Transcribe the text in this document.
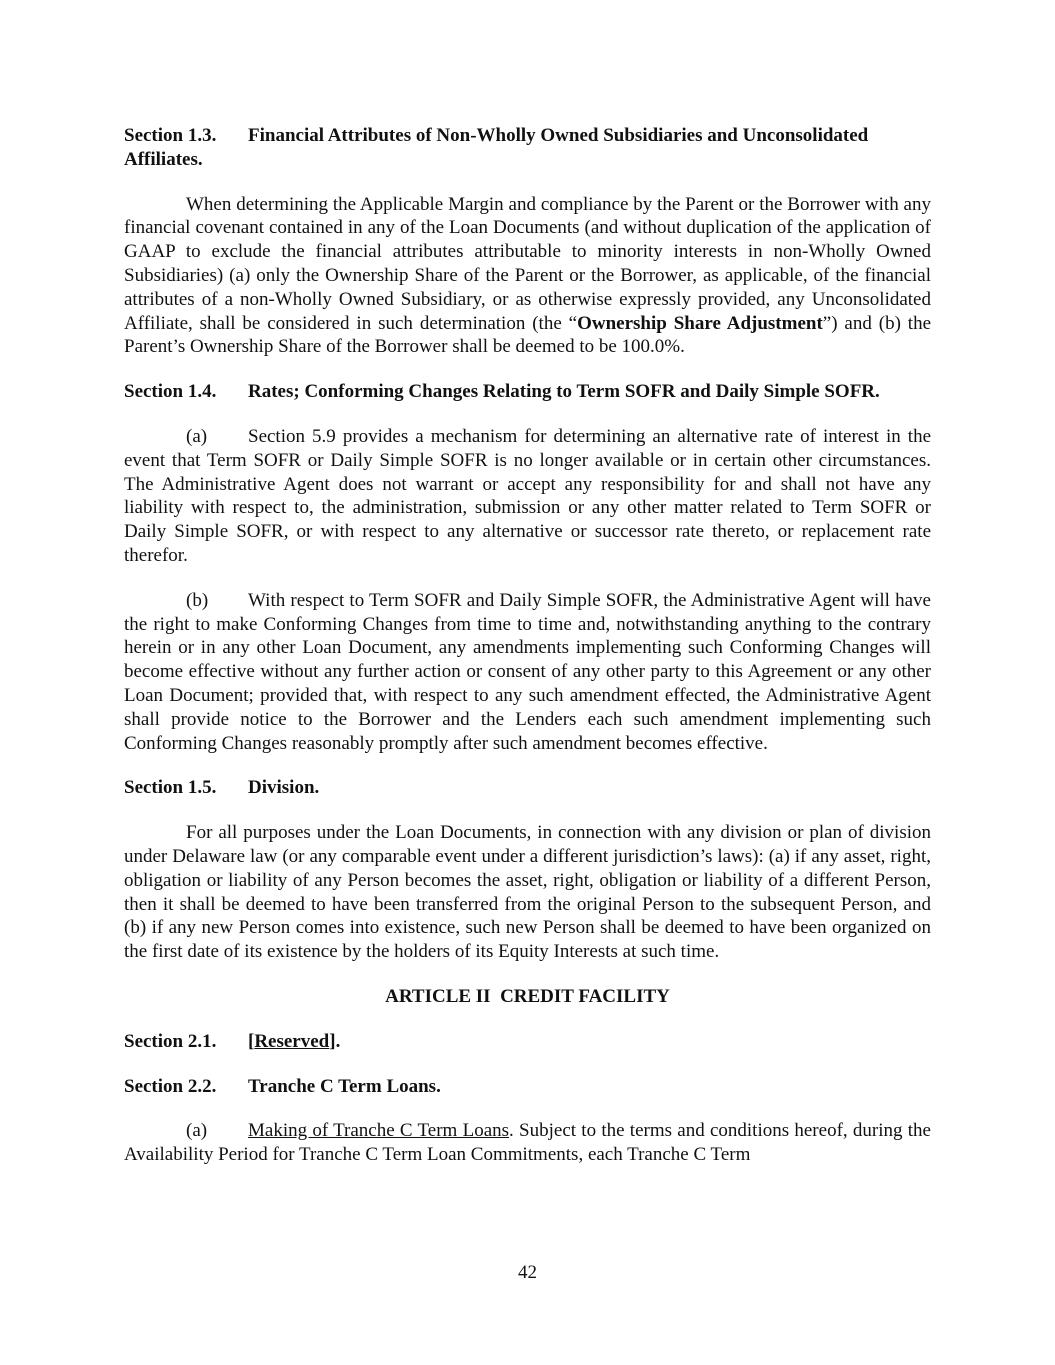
Section 1.3. Financial Attributes of Non-Wholly Owned Subsidiaries and Unconsolidated Affiliates.

When determining the Applicable Margin and compliance by the Parent or the Borrower with any financial covenant contained in any of the Loan Documents (and without duplication of the application of GAAP to exclude the financial attributes attributable to minority interests in non-Wholly Owned Subsidiaries) (a) only the Ownership Share of the Parent or the Borrower, as applicable, of the financial attributes of a non-Wholly Owned Subsidiary, or as otherwise expressly provided, any Unconsolidated Affiliate, shall be considered in such determination (the “Ownership Share Adjustment”) and (b) the Parent’s Ownership Share of the Borrower shall be deemed to be 100.0%.

Section 1.4. Rates; Conforming Changes Relating to Term SOFR and Daily Simple SOFR.

(a) Section 5.9 provides a mechanism for determining an alternative rate of interest in the event that Term SOFR or Daily Simple SOFR is no longer available or in certain other circumstances. The Administrative Agent does not warrant or accept any responsibility for and shall not have any liability with respect to, the administration, submission or any other matter related to Term SOFR or Daily Simple SOFR, or with respect to any alternative or successor rate thereto, or replacement rate therefor.

(b) With respect to Term SOFR and Daily Simple SOFR, the Administrative Agent will have the right to make Conforming Changes from time to time and, notwithstanding anything to the contrary herein or in any other Loan Document, any amendments implementing such Conforming Changes will become effective without any further action or consent of any other party to this Agreement or any other Loan Document; provided that, with respect to any such amendment effected, the Administrative Agent shall provide notice to the Borrower and the Lenders each such amendment implementing such Conforming Changes reasonably promptly after such amendment becomes effective.

Section 1.5. Division.

For all purposes under the Loan Documents, in connection with any division or plan of division under Delaware law (or any comparable event under a different jurisdiction’s laws): (a) if any asset, right, obligation or liability of any Person becomes the asset, right, obligation or liability of a different Person, then it shall be deemed to have been transferred from the original Person to the subsequent Person, and (b) if any new Person comes into existence, such new Person shall be deemed to have been organized on the first date of its existence by the holders of its Equity Interests at such time.

ARTICLE II  CREDIT FACILITY

Section 2.1. [Reserved].

Section 2.2. Tranche C Term Loans.

(a) Making of Tranche C Term Loans. Subject to the terms and conditions hereof, during the Availability Period for Tranche C Term Loan Commitments, each Tranche C Term

42
